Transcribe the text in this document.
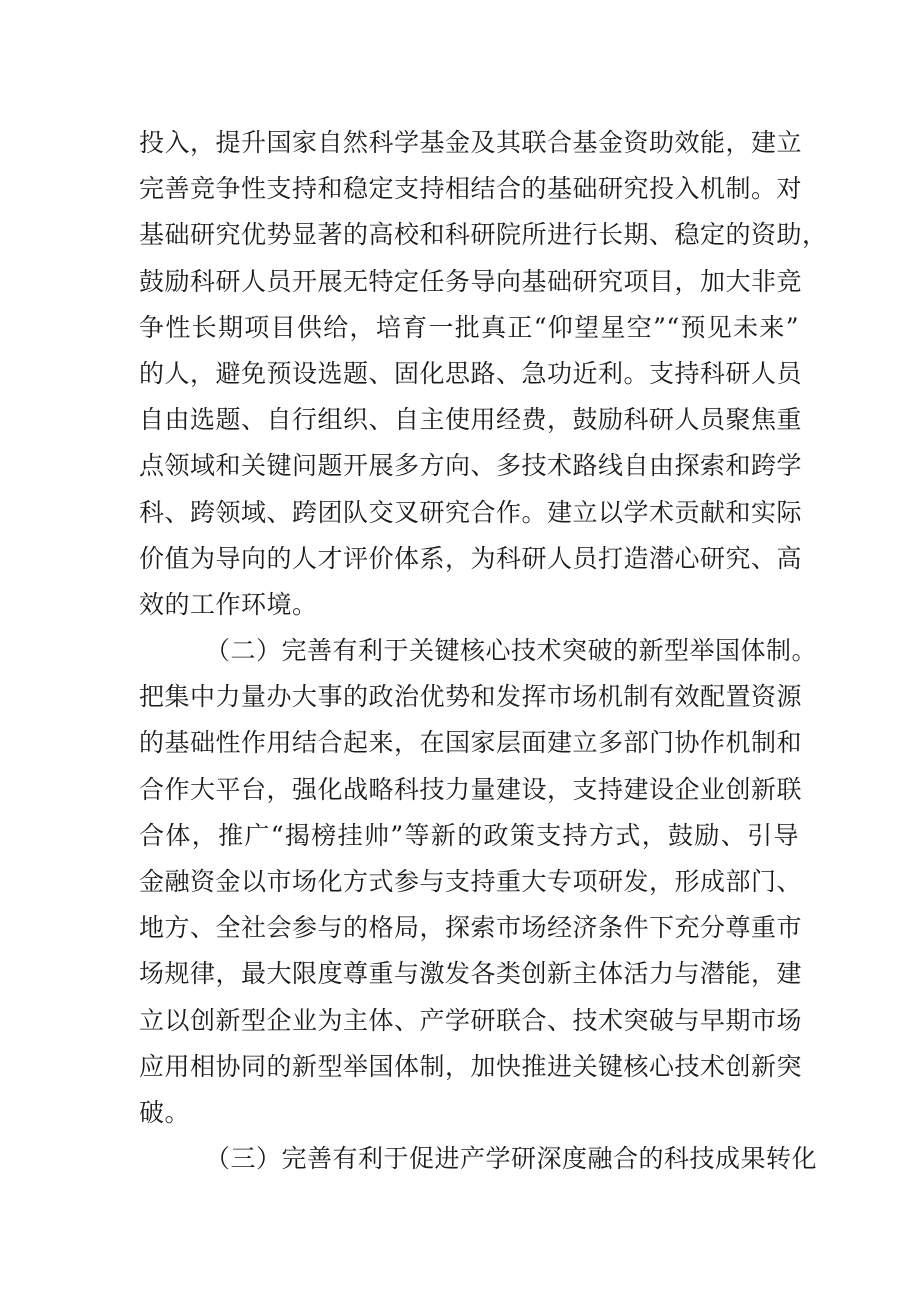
投入，提升国家自然科学基金及其联合基金资助效能，建立
完善竞争性支持和稳定支持相结合的基础研究投入机制。对
基础研究优势显著的高校和科研院所进行长期、稳定的资助，
鼓励科研人员开展无特定任务导向基础研究项目，加大非竞
争性长期项目供给，培育一批真正“仰望星空”“预见未来”
的人，避免预设选题、固化思路、急功近利。支持科研人员
自由选题、自行组织、自主使用经费，鼓励科研人员聚焦重
点领域和关键问题开展多方向、多技术路线自由探索和跨学
科、跨领域、跨团队交叉研究合作。建立以学术贡献和实际
价值为导向的人才评价体系，为科研人员打造潜心研究、高
效的工作环境。
（二）完善有利于关键核心技术突破的新型举国体制。
把集中力量办大事的政治优势和发挥市场机制有效配置资源
的基础性作用结合起来，在国家层面建立多部门协作机制和
合作大平台，强化战略科技力量建设，支持建设企业创新联
合体，推广“揭榜挂帅”等新的政策支持方式，鼓励、引导
金融资金以市场化方式参与支持重大专项研发，形成部门、
地方、全社会参与的格局，探索市场经济条件下充分尊重市
场规律，最大限度尊重与激发各类创新主体活力与潜能，建
立以创新型企业为主体、产学研联合、技术突破与早期市场
应用相协同的新型举国体制，加快推进关键核心技术创新突
破。
（三）完善有利于促进产学研深度融合的科技成果转化
